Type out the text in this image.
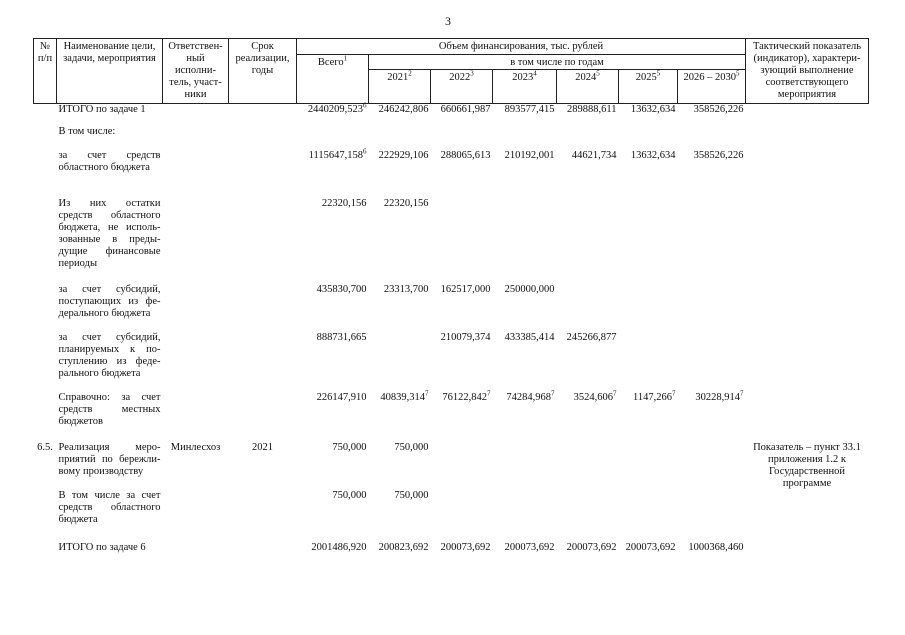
3
№ п/п	Наименование цели, задачи, мероприятия	Ответствен-ный исполни-тель, участ-ники	Срок реализации, годы	Объем финансирования, тыс. рублей							Тактический показатель (индикатор), характери-зующий выполнение соответствующего мероприятия
				Всего$^1$	в том числе по годам						
					2021$^2$	2022$^3$	2023$^4$	2024$^5$	2025$^5$	2026 – 2030$^5$
	ИТОГО по задаче 1			2440209,523$^6$	246242,806	660661,987	893577,415	289888,611	13632,634	358526,226	
	В том числе:										
	за счет средств областного бюджета			1115647,158$^6$	222929,106	288065,613	210192,001	44621,734	13632,634	358526,226	
	Из них остатки средств областного бюджета, не исполь-зованные в преды-дущие финансовые периоды			22320,156	22320,156						
	за счет субсидий, поступающих из фе-дерального бюджета			435830,700	23313,700	162517,000	250000,000				
	за счет субсидий, планируемых к по-ступлению из феде-рального бюджета			888731,665		210079,374	433385,414	245266,877			
	Справочно: за счет средств местных бюджетов			226147,910	40839,314$^7$	76122,842$^7$	74284,968$^7$	3524,606$^7$	1147,266$^7$	30228,914$^7$	
6.5.	Реализация меро-приятий по бережли-вому производству	Минлесхоз	2021	750,000	750,000						Показатель – пункт 33.1 приложения 1.2 к Государственной программе
	В том числе за счет средств областного бюджета			750,000	750,000						
	ИТОГО по задаче 6			2001486,920	200823,692	200073,692	200073,692	200073,692	200073,692	1000368,460	
